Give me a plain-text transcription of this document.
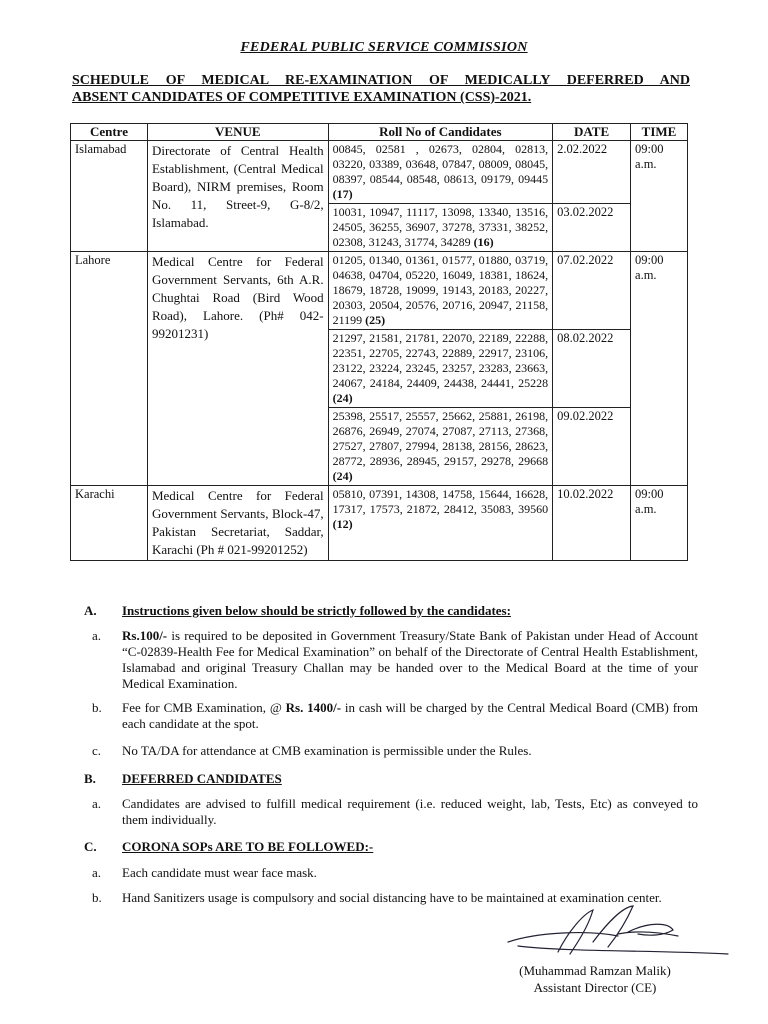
FEDERAL PUBLIC SERVICE COMMISSION
SCHEDULE OF MEDICAL RE-EXAMINATION OF MEDICALLY DEFERRED AND
ABSENT CANDIDATES OF COMPETITIVE EXAMINATION (CSS)-2021.
Centre	VENUE	Roll No of Candidates	DATE	TIME
Islamabad	Directorate of Central Health Establishment, (Central Medical Board), NIRM premises, Room No. 11, Street-9, G-8/2, Islamabad.	00845, 02581 , 02673, 02804, 02813, 03220, 03389, 03648, 07847, 08009, 08045, 08397, 08544, 08548, 08613, 09179, 09445 (17)	2.02.2022	09:00 a.m.
		10031, 10947, 11117, 13098, 13340, 13516, 24505, 36255, 36907, 37278, 37331, 38252, 02308, 31243, 31774, 34289 (16)	03.02.2022	
Lahore	Medical Centre for Federal Government Servants, 6th A.R. Chughtai Road (Bird Wood Road), Lahore. (Ph# 042-99201231)	01205, 01340, 01361, 01577, 01880, 03719, 04638, 04704, 05220, 16049, 18381, 18624, 18679, 18728, 19099, 19143, 20183, 20227, 20303, 20504, 20576, 20716, 20947, 21158, 21199 (25)	07.02.2022	09:00 a.m.
		21297, 21581, 21781, 22070, 22189, 22288, 22351, 22705, 22743, 22889, 22917, 23106, 23122, 23224, 23245, 23257, 23283, 23663, 24067, 24184, 24409, 24438, 24441, 25228 (24)	08.02.2022	
		25398, 25517, 25557, 25662, 25881, 26198, 26876, 26949, 27074, 27087, 27113, 27368, 27527, 27807, 27994, 28138, 28156, 28623, 28772, 28936, 28945, 29157, 29278, 29668 (24)	09.02.2022	
Karachi	Medical Centre for Federal Government Servants, Block-47, Pakistan Secretariat, Saddar, Karachi (Ph # 021-99201252)	05810, 07391, 14308, 14758, 15644, 16628, 17317, 17573, 21872, 28412, 35083, 39560 (12)	10.02.2022	09:00 a.m.
A.	Instructions given below should be strictly followed by the candidates:
a.	Rs.100/- is required to be deposited in Government Treasury/State Bank of Pakistan under Head of Account “C-02839-Health Fee for Medical Examination” on behalf of the Directorate of Central Health Establishment, Islamabad and original Treasury Challan may be handed over to the Medical Board at the time of your Medical Examination.
b.	Fee for CMB Examination, @ Rs. 1400/- in cash will be charged by the Central Medical Board (CMB) from each candidate at the spot.
c.	No TA/DA for attendance at CMB examination is permissible under the Rules.
B.	DEFERRED CANDIDATES
a.	Candidates are advised to fulfill medical requirement (i.e. reduced weight, lab, Tests, Etc) as conveyed to them individually.
C.	CORONA SOPs ARE TO BE FOLLOWED:-
a.	Each candidate must wear face mask.
b.	Hand Sanitizers usage is compulsory and social distancing have to be maintained at examination center.
(Muhammad Ramzan Malik)
Assistant Director (CE)
